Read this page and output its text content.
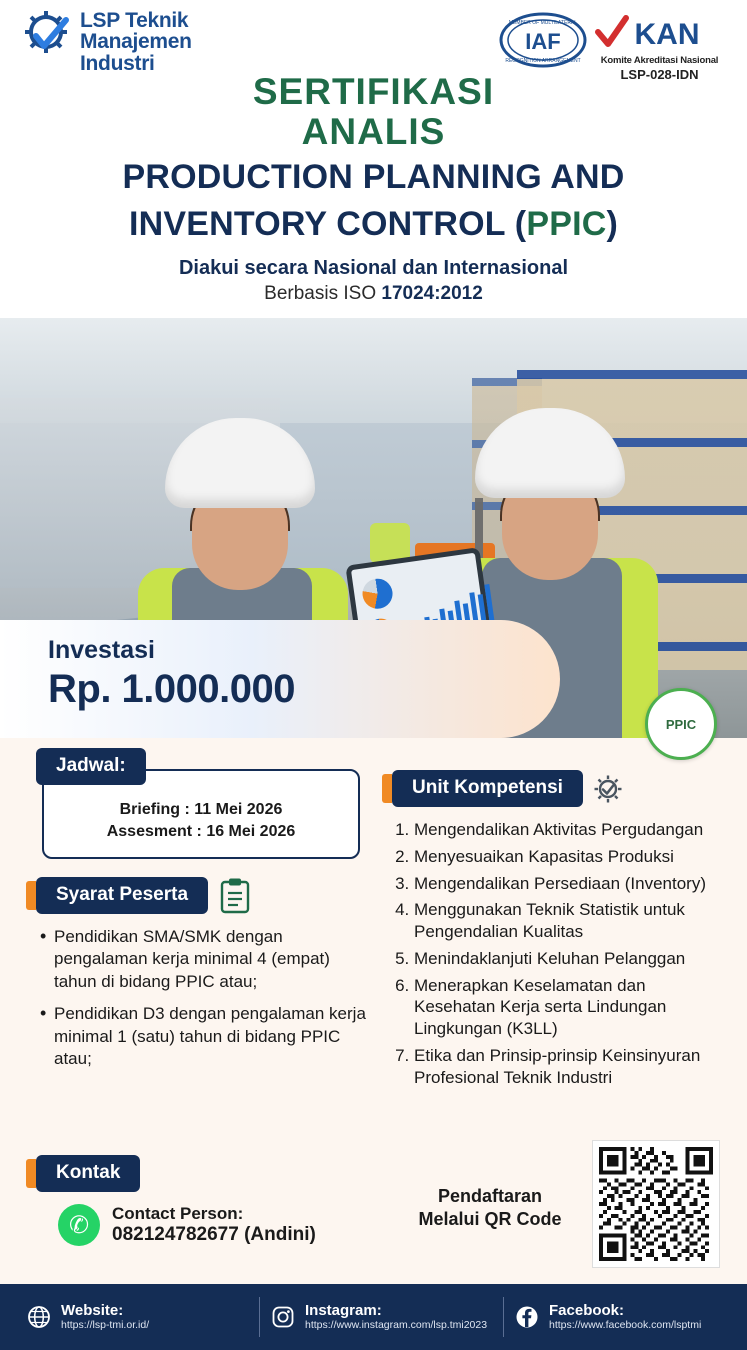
LSP Teknik
Manajemen
Industri
IAF
MEMBER OF MULTILATERAL
RECOGNITION ARRANGEMENT
KAN
Komite Akreditasi Nasional
LSP-028-IDN
SERTIFIKASI
ANALIS
PRODUCTION PLANNING AND
INVENTORY CONTROL (PPIC)
Diakui secara Nasional dan Internasional
Berbasis ISO 17024:2012
Investasi
Rp. 1.000.000
PPIC
Jadwal:
Briefing : 11 Mei 2026
Assesment : 16 Mei 2026
Syarat Peserta
• Pendidikan SMA/SMK dengan pengalaman kerja minimal 4 (empat) tahun di bidang PPIC atau;
• Pendidikan D3 dengan pengalaman kerja minimal 1 (satu) tahun di bidang PPIC atau;
Unit Kompetensi
1. Mengendalikan Aktivitas Pergudangan
2. Menyesuaikan Kapasitas Produksi
3. Mengendalikan Persediaan (Inventory)
4. Menggunakan Teknik Statistik untuk Pengendalian Kualitas
5. Menindaklanjuti Keluhan Pelanggan
6. Menerapkan Keselamatan dan Kesehatan Kerja serta Lindungan Lingkungan (K3LL)
7. Etika dan Prinsip-prinsip Keinsinyuran Profesional Teknik Industri
Kontak
✆	Contact Person:
082124782677 (Andini)
Pendaftaran
Melalui QR Code
Website:
https://lsp-tmi.or.id/
Instagram:
https://www.instagram.com/lsp.tmi2023
Facebook:
https://www.facebook.com/lsptmi
